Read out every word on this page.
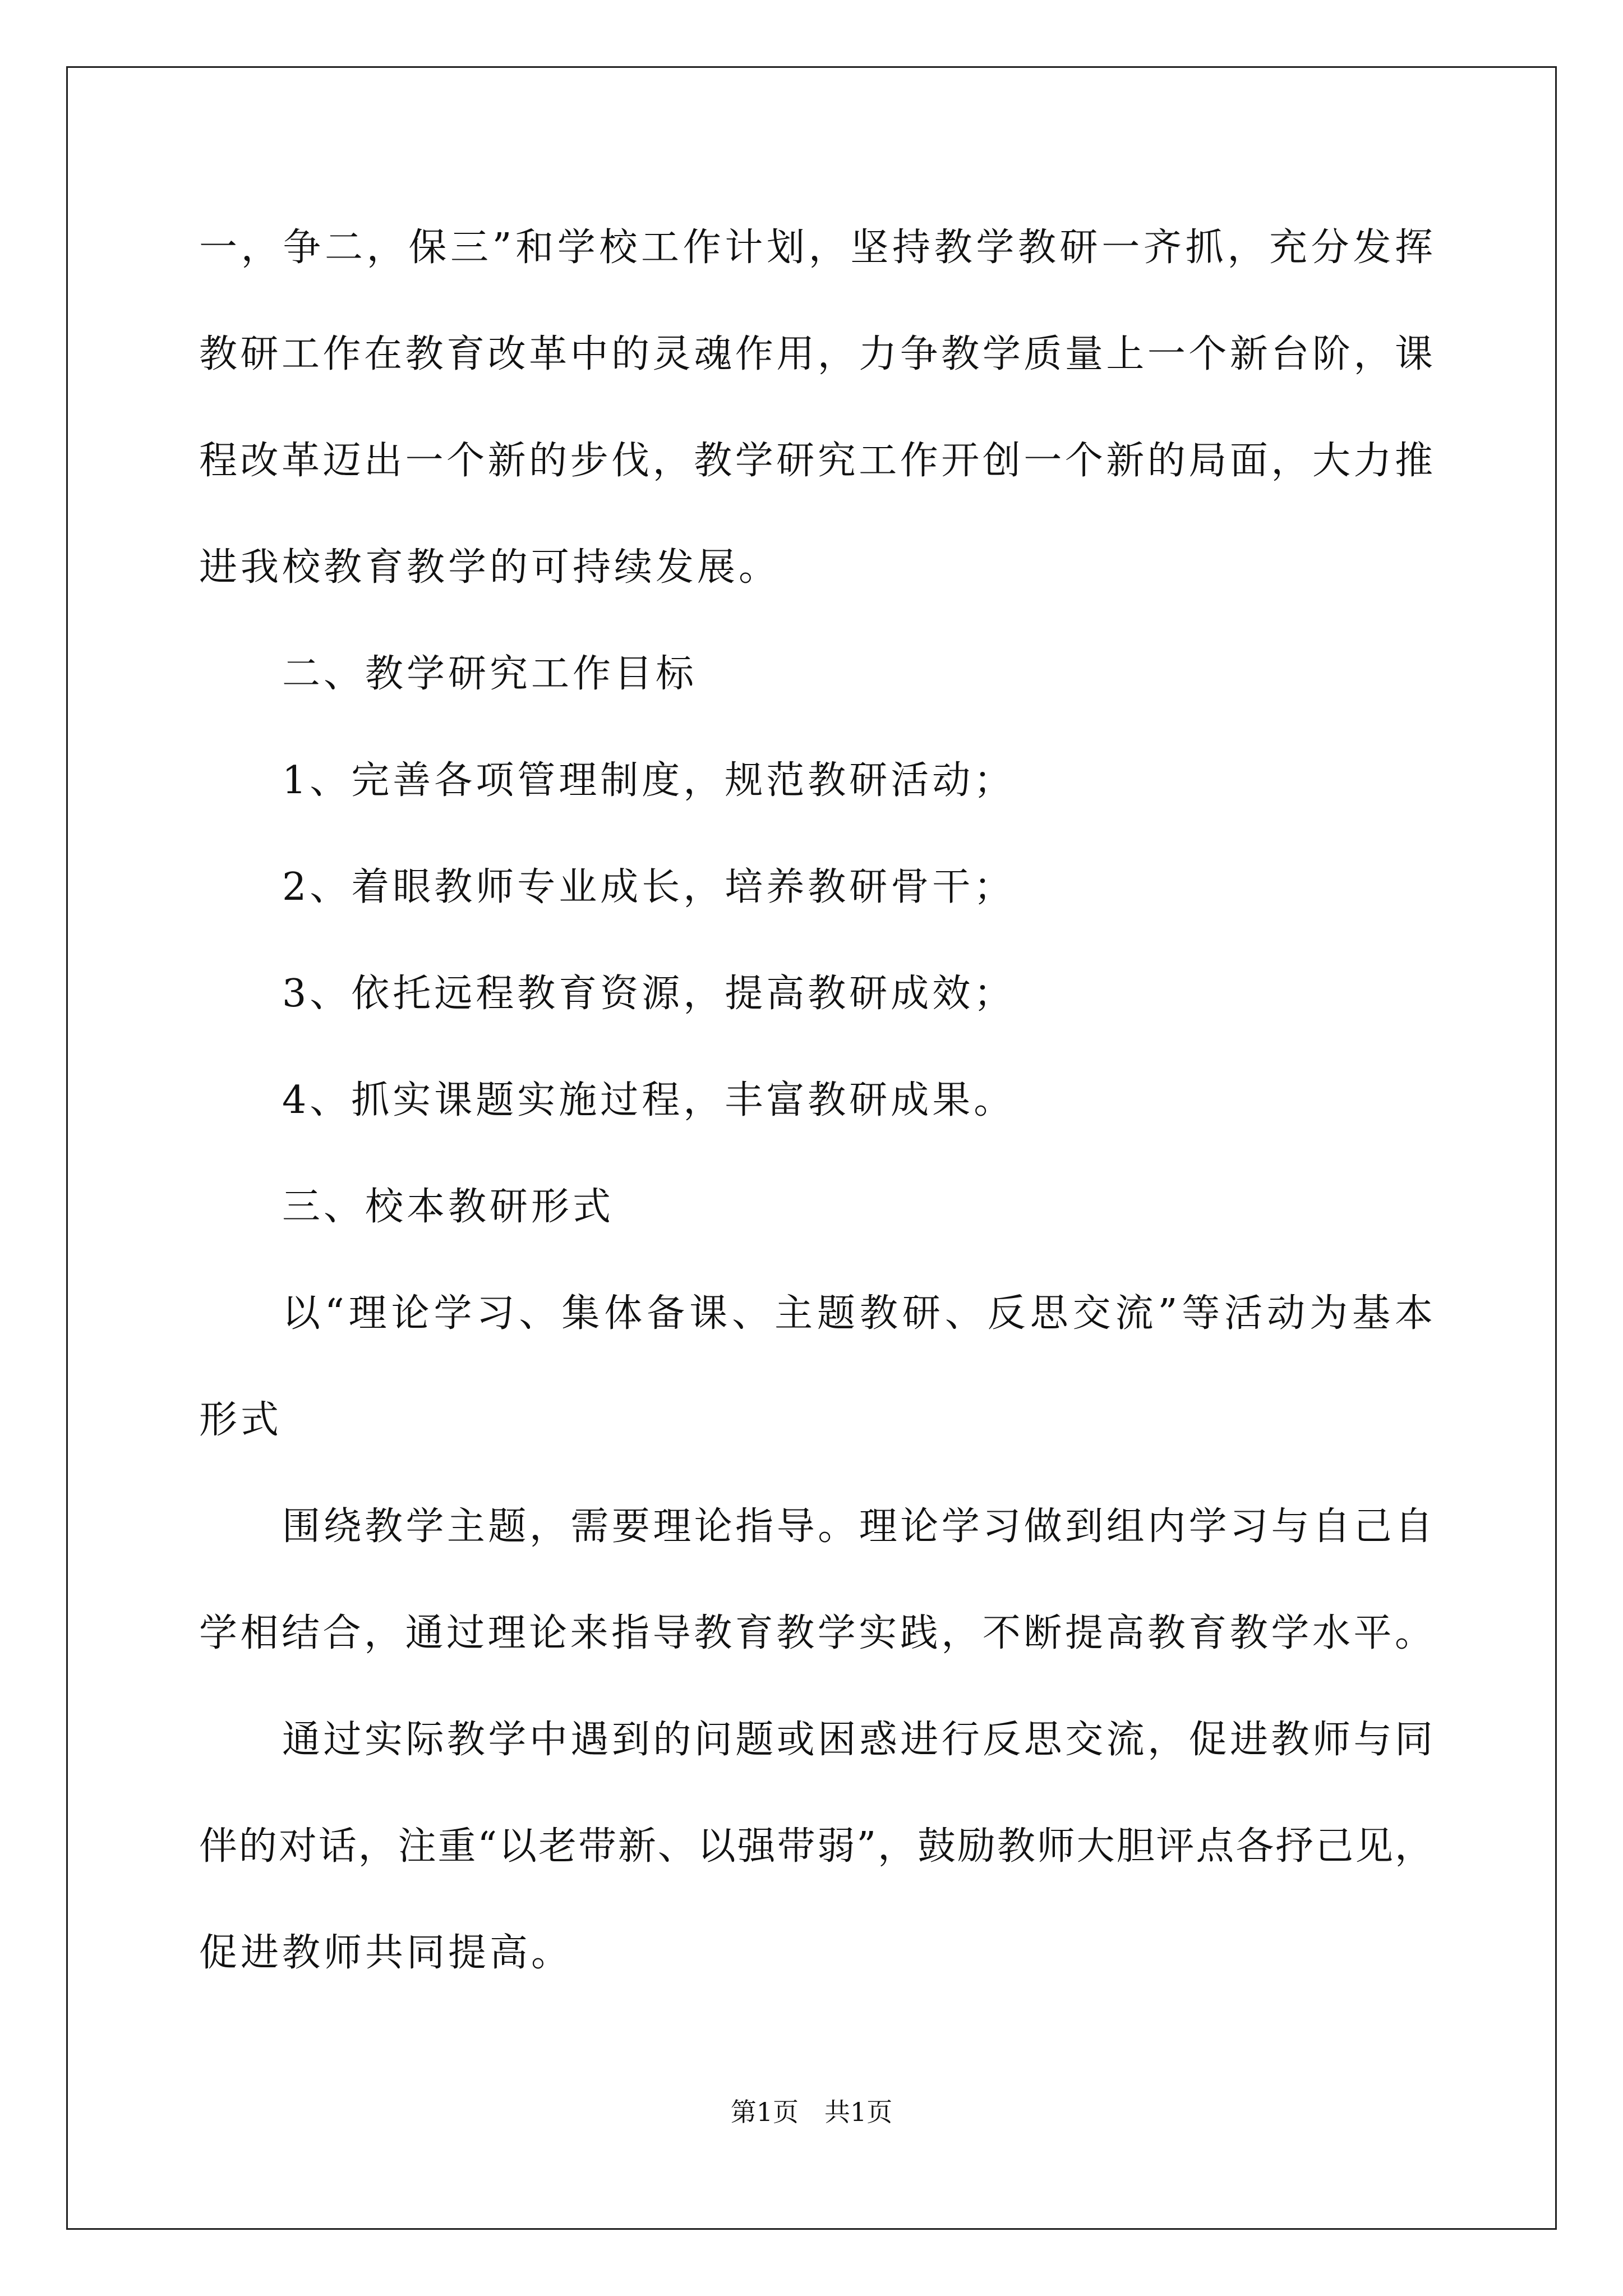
一，争二，保三”和学校工作计划，坚持教学教研一齐抓，充分发挥
教研工作在教育改革中的灵魂作用，力争教学质量上一个新台阶，课
程改革迈出一个新的步伐，教学研究工作开创一个新的局面，大力推
进我校教育教学的可持续发展。
二、教学研究工作目标
1、完善各项管理制度，规范教研活动；
2、着眼教师专业成长，培养教研骨干；
3、依托远程教育资源，提高教研成效；
4、抓实课题实施过程，丰富教研成果。
三、校本教研形式
以“理论学习、集体备课、主题教研、反思交流”等活动为基本
形式
围绕教学主题，需要理论指导。理论学习做到组内学习与自己自
学相结合，通过理论来指导教育教学实践，不断提高教育教学水平。
通过实际教学中遇到的问题或困惑进行反思交流，促进教师与同
伴的对话，注重“以老带新、以强带弱”，鼓励教师大胆评点各抒己见，
促进教师共同提高。
第1页　共1页
